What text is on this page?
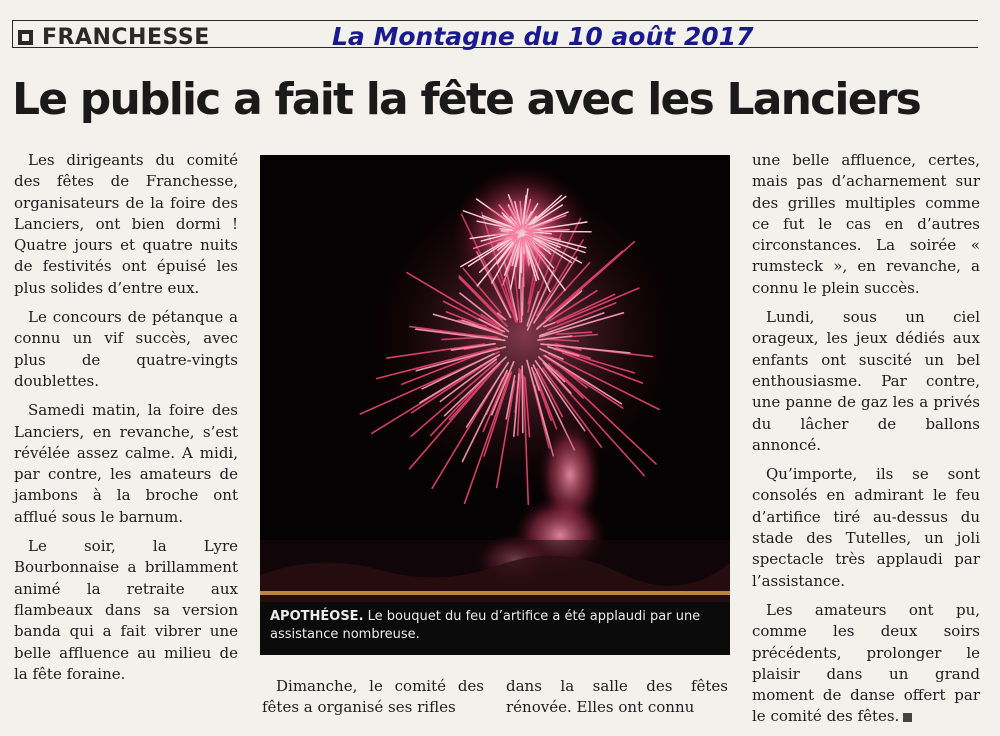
FRANCHESSE	La Montagne du 10 août 2017
Le public a fait la fête avec les Lanciers

Les dirigeants du comité des fêtes de Franchesse, organisateurs de la foire des Lanciers, ont bien dormi ! Quatre jours et quatre nuits de festivités ont épuisé les plus solides d’entre eux.

Le concours de pétanque a connu un vif succès, avec plus de quatre-vingts doublettes.

Samedi matin, la foire des Lanciers, en revanche, s’est révélée assez calme. A midi, par contre, les amateurs de jambons à la broche ont afflué sous le barnum.

Le soir, la Lyre Bourbonnaise a brillamment animé la retraite aux flambeaux dans sa version banda qui a fait vibrer une belle affluence au milieu de la fête foraine.

APOTHÉOSE. Le bouquet du feu d’artifice a été applaudi par une assistance nombreuse.

Dimanche, le comité des fêtes a organisé ses rifles

dans la salle des fêtes rénovée. Elles ont connu

une belle affluence, certes, mais pas d’acharnement sur des grilles multiples comme ce fut le cas en d’autres circonstances. La soirée « rumsteck », en revanche, a connu le plein succès.

Lundi, sous un ciel orageux, les jeux dédiés aux enfants ont suscité un bel enthousiasme. Par contre, une panne de gaz les a privés du lâcher de ballons annoncé.

Qu’importe, ils se sont consolés en admirant le feu d’artifice tiré au-dessus du stade des Tutelles, un joli spectacle très applaudi par l’assistance.

Les amateurs ont pu, comme les deux soirs précédents, prolonger le plaisir dans un grand moment de danse offert par le comité des fêtes.
